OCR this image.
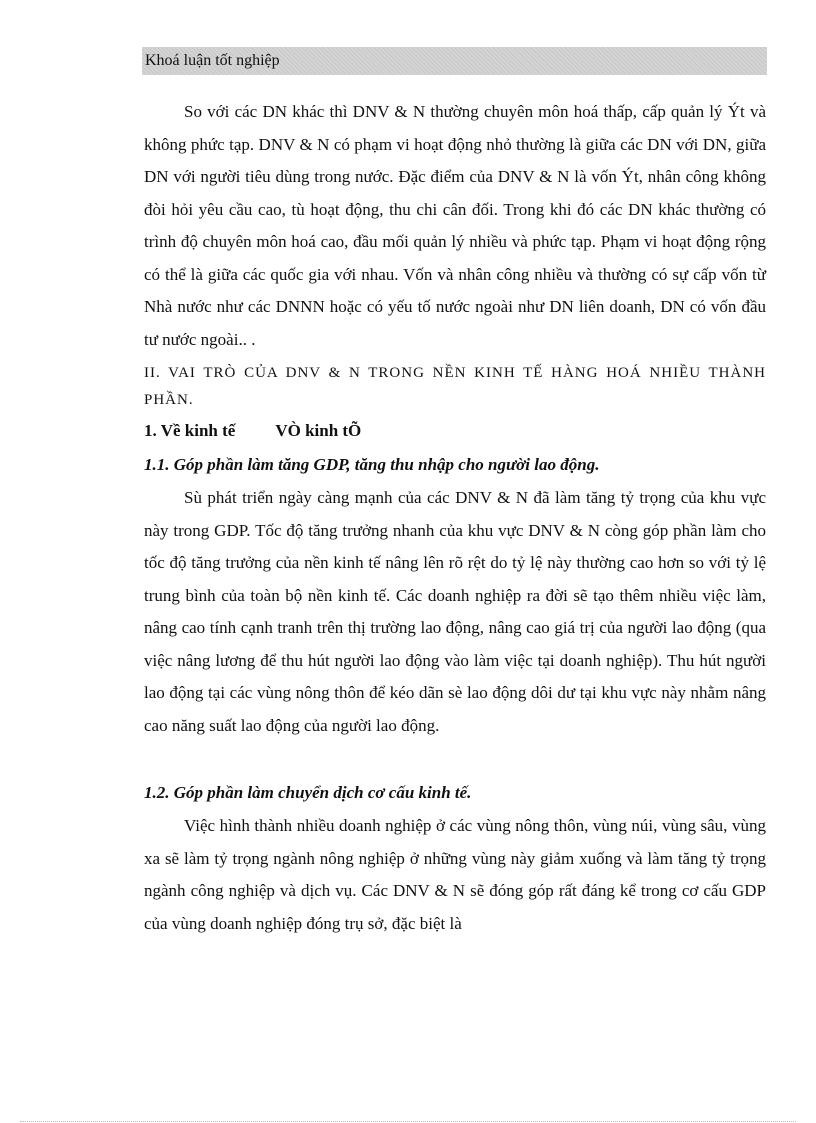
Khoá luận tốt nghiệp

So với các DN khác thì DNV & N thường chuyên môn hoá thấp, cấp quản lý Ýt và không phức tạp. DNV & N có phạm vi hoạt động nhỏ thường là giữa các DN với DN, giữa DN với người tiêu dùng trong nước. Đặc điểm của DNV & N là vốn Ýt, nhân công không đòi hỏi yêu cầu cao, tù hoạt động, thu chi cân đối. Trong khi đó các DN khác thường có trình độ chuyên môn hoá cao, đầu mối quản lý nhiều và phức tạp. Phạm vi hoạt động rộng có thể là giữa các quốc gia với nhau. Vốn và nhân công nhiều và thường có sự cấp vốn từ Nhà nước như các DNNN hoặc có yếu tố nước ngoài như DN liên doanh, DN có vốn đầu tư nước ngoài.. .

II. VAI TRÒ CỦA DNV & N TRONG NỀN KINH TẾ HÀNG HOÁ NHIỀU THÀNH PHẦN.

1. Về kinh tế VÒ kinh tÕ

1.1. Góp phần làm tăng GDP, tăng thu nhập cho người lao động.

Sù phát triển ngày càng mạnh của các DNV & N đã làm tăng tỷ trọng của khu vực này trong GDP. Tốc độ tăng trưởng nhanh của khu vực DNV & N còng góp phần làm cho tốc độ tăng trưởng của nền kinh tế nâng lên rõ rệt do tỷ lệ này thường cao hơn so với tỷ lệ trung bình của toàn bộ nền kinh tế. Các doanh nghiệp ra đời sẽ tạo thêm nhiều việc làm, nâng cao tính cạnh tranh trên thị trường lao động, nâng cao giá trị của người lao động (qua việc nâng lương để thu hút người lao động vào làm việc tại doanh nghiệp). Thu hút người lao động tại các vùng nông thôn để kéo dãn sè lao động dôi dư tại khu vực này nhằm nâng cao năng suất lao động của người lao động.

1.2. Góp phần làm chuyển dịch cơ cấu kinh tế.

Việc hình thành nhiều doanh nghiệp ở các vùng nông thôn, vùng núi, vùng sâu, vùng xa sẽ làm tỷ trọng ngành nông nghiệp ở những vùng này giảm xuống và làm tăng tỷ trọng ngành công nghiệp và dịch vụ. Các DNV & N sẽ đóng góp rất đáng kể trong cơ cấu GDP của vùng doanh nghiệp đóng trụ sở, đặc biệt là
